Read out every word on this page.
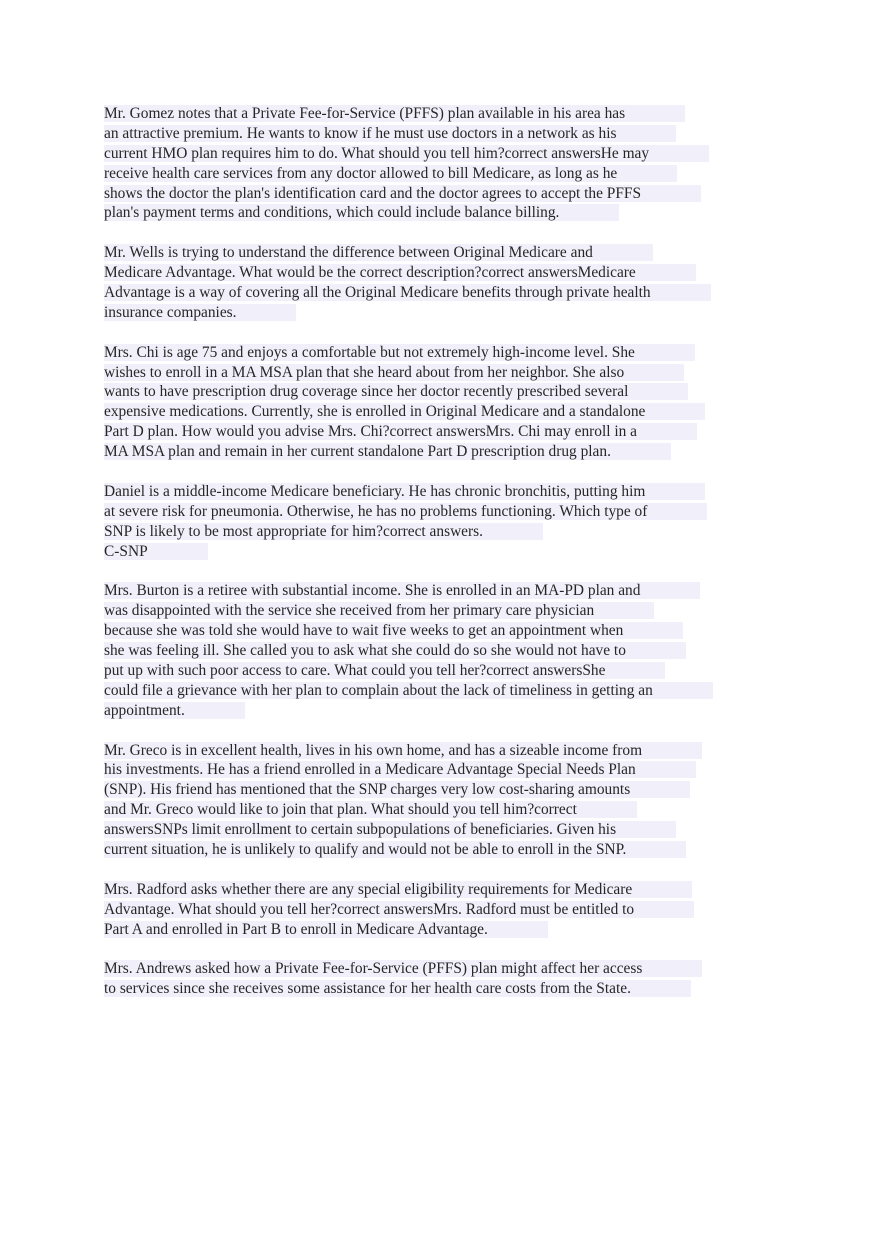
Mr. Gomez notes that a Private Fee-for-Service (PFFS) plan available in his area has
an attractive premium. He wants to know if he must use doctors in a network as his
current HMO plan requires him to do. What should you tell him?correct answersHe may
receive health care services from any doctor allowed to bill Medicare, as long as he
shows the doctor the plan's identification card and the doctor agrees to accept the PFFS
plan's payment terms and conditions, which could include balance billing.
Mr. Wells is trying to understand the difference between Original Medicare and
Medicare Advantage. What would be the correct description?correct answersMedicare
Advantage is a way of covering all the Original Medicare benefits through private health
insurance companies.
Mrs. Chi is age 75 and enjoys a comfortable but not extremely high-income level. She
wishes to enroll in a MA MSA plan that she heard about from her neighbor. She also
wants to have prescription drug coverage since her doctor recently prescribed several
expensive medications. Currently, she is enrolled in Original Medicare and a standalone
Part D plan. How would you advise Mrs. Chi?correct answersMrs. Chi may enroll in a
MA MSA plan and remain in her current standalone Part D prescription drug plan.
Daniel is a middle-income Medicare beneficiary. He has chronic bronchitis, putting him
at severe risk for pneumonia. Otherwise, he has no problems functioning. Which type of
SNP is likely to be most appropriate for him?correct answers.
C-SNP
Mrs. Burton is a retiree with substantial income. She is enrolled in an MA-PD plan and
was disappointed with the service she received from her primary care physician
because she was told she would have to wait five weeks to get an appointment when
she was feeling ill. She called you to ask what she could do so she would not have to
put up with such poor access to care. What could you tell her?correct answersShe
could file a grievance with her plan to complain about the lack of timeliness in getting an
appointment.
Mr. Greco is in excellent health, lives in his own home, and has a sizeable income from
his investments. He has a friend enrolled in a Medicare Advantage Special Needs Plan
(SNP). His friend has mentioned that the SNP charges very low cost-sharing amounts
and Mr. Greco would like to join that plan. What should you tell him?correct
answersSNPs limit enrollment to certain subpopulations of beneficiaries. Given his
current situation, he is unlikely to qualify and would not be able to enroll in the SNP.
Mrs. Radford asks whether there are any special eligibility requirements for Medicare
Advantage. What should you tell her?correct answersMrs. Radford must be entitled to
Part A and enrolled in Part B to enroll in Medicare Advantage.
Mrs. Andrews asked how a Private Fee-for-Service (PFFS) plan might affect her access
to services since she receives some assistance for her health care costs from the State.
